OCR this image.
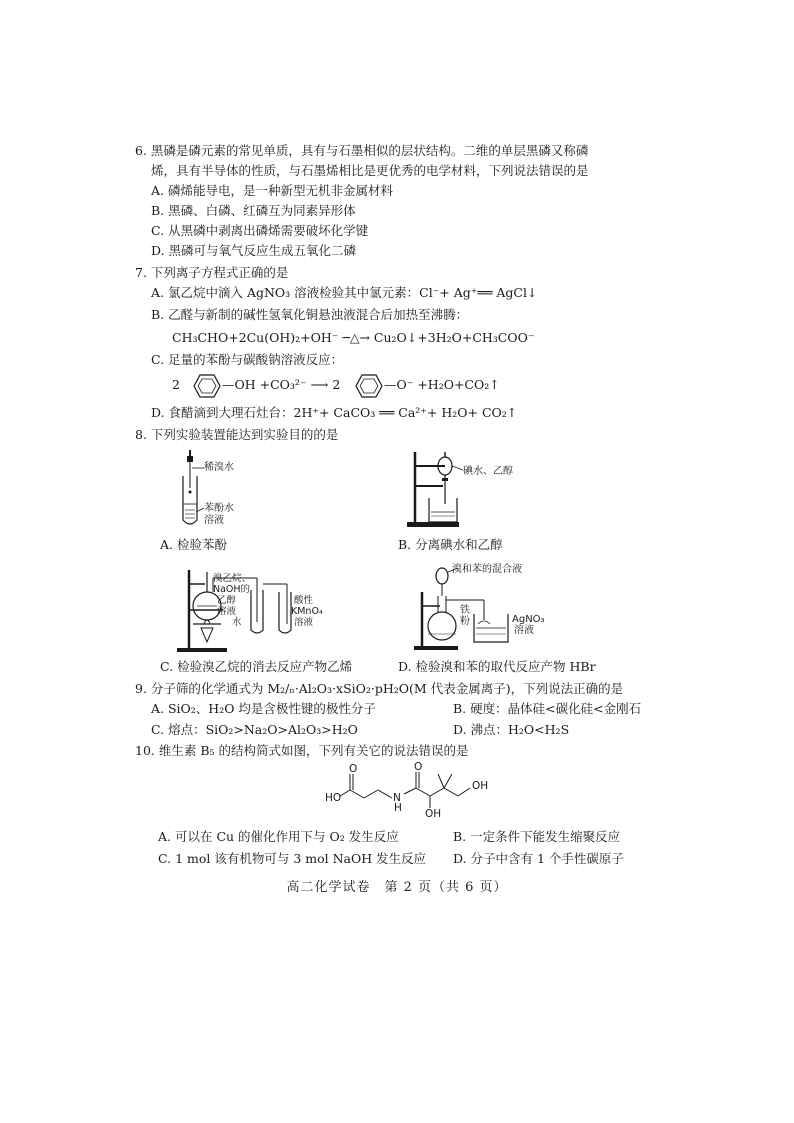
6. 黑磷是磷元素的常见单质，具有与石墨相似的层状结构。二维的单层黑磷又称磷
烯，具有半导体的性质，与石墨烯相比是更优秀的电学材料，下列说法错误的是
A. 磷烯能导电，是一种新型无机非金属材料
B. 黑磷、白磷、红磷互为同素异形体
C. 从黑磷中剥离出磷烯需要破坏化学键
D. 黑磷可与氧气反应生成五氧化二磷
7. 下列离子方程式正确的是
A. 氯乙烷中滴入 AgNO₃ 溶液检验其中氯元素：Cl⁻+ Ag⁺══ AgCl↓
B. 乙醛与新制的碱性氢氧化铜悬浊液混合后加热至沸腾：
CH₃CHO+2Cu(OH)₂+OH⁻ ─△→ Cu₂O↓+3H₂O+CH₃COO⁻
C. 足量的苯酚与碳酸钠溶液反应：
2	—OH +CO₃²⁻ ⟶ 2	—O⁻ +H₂O+CO₂↑
D. 食醋滴到大理石灶台：2H⁺+ CaCO₃ ══ Ca²⁺+ H₂O+ CO₂↑
8. 下列实验装置能达到实验目的的是
稀溴水
苯酚水
溶液
A. 检验苯酚
碘水、乙醇
B. 分离碘水和乙醇
溴乙烷、
NaOH的
乙醇
溶液
水
酸性
KMnO₄
溶液
C. 检验溴乙烷的消去反应产物乙烯
溴和苯的混合液
铁
粉	AgNO₃
溶液
D. 检验溴和苯的取代反应产物 HBr
9. 分子筛的化学通式为 M₂/ₙ·Al₂O₃·xSiO₂·pH₂O(M 代表金属离子)，下列说法正确的是
A. SiO₂、H₂O 均是含极性键的极性分子	B. 硬度：晶体硅<碳化硅<金刚石
C. 熔点：SiO₂>Na₂O>Al₂O₃>H₂O	D. 沸点：H₂O<H₂S
10. 维生素 B₅ 的结构简式如图，下列有关它的说法错误的是
HO
O
N
H
O
OH
OH
A. 可以在 Cu 的催化作用下与 O₂ 发生反应	B. 一定条件下能发生缩聚反应
C. 1 mol 该有机物可与 3 mol NaOH 发生反应 D. 分子中含有 1 个手性碳原子
高二化学试卷　第 2 页（共 6 页）
